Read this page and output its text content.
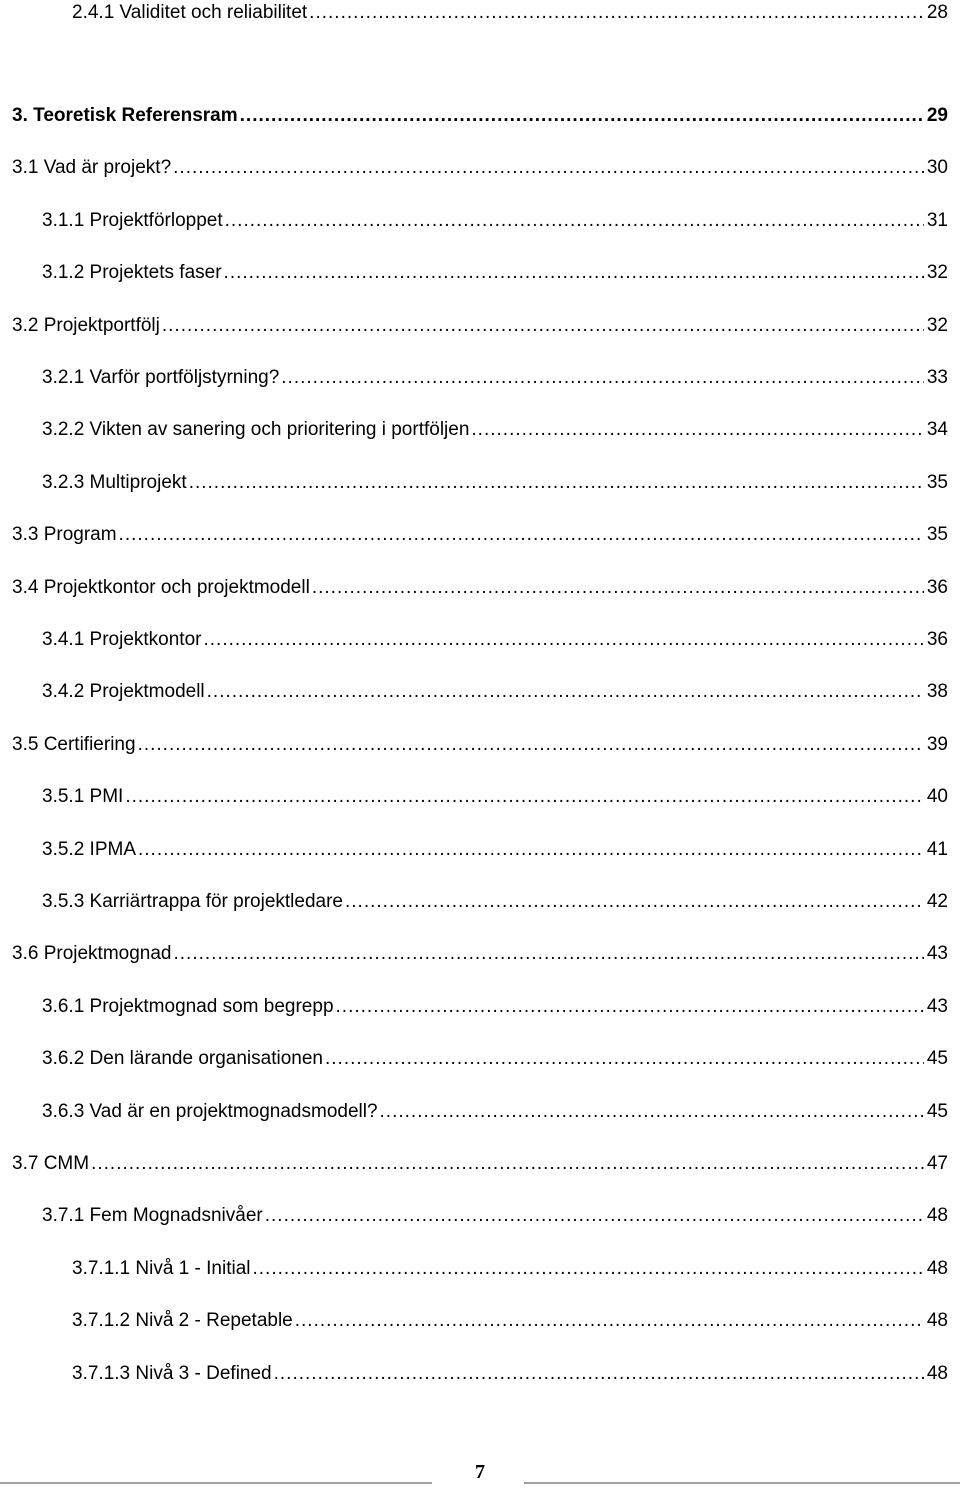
2.4.1 Validitet och reliabilitet .....	28
3. Teoretisk Referensram .....	29
3.1 Vad är projekt? .....	30
3.1.1 Projektförloppet .....	31
3.1.2 Projektets faser .....	32
3.2 Projektportfölj .....	32
3.2.1 Varför portföljstyrning? .....	33
3.2.2 Vikten av sanering och prioritering i portföljen .....	34
3.2.3 Multiprojekt .....	35
3.3 Program .....	35
3.4 Projektkontor och projektmodell .....	36
3.4.1 Projektkontor .....	36
3.4.2 Projektmodell .....	38
3.5 Certifiering .....	39
3.5.1 PMI .....	40
3.5.2 IPMA .....	41
3.5.3 Karriärtrappa för projektledare .....	42
3.6 Projektmognad .....	43
3.6.1 Projektmognad som begrepp .....	43
3.6.2 Den lärande organisationen .....	45
3.6.3 Vad är en projektmognadsmodell? .....	45
3.7 CMM .....	47
3.7.1 Fem Mognadsnivåer .....	48
3.7.1.1 Nivå 1 - Initial .....	48
3.7.1.2 Nivå 2 - Repetable .....	48
3.7.1.3 Nivå 3 - Defined .....	48
7
